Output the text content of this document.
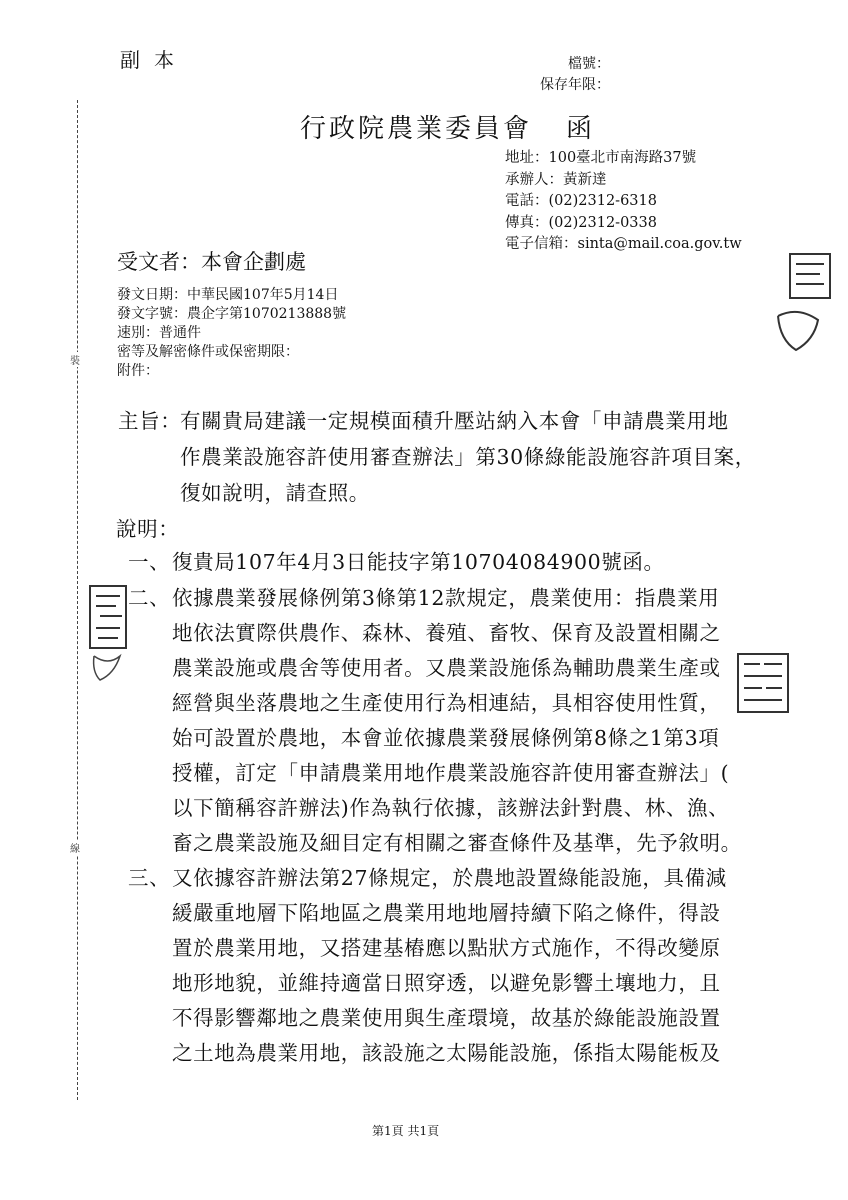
副本	檔號：
保存年限：
行政院農業委員會 函
地址：100臺北市南海路37號
承辦人：黃新達
電話：(02)2312-6318
傳真：(02)2312-0338
電子信箱：sinta@mail.coa.gov.tw
受文者：本會企劃處
發文日期：中華民國107年5月14日
發文字號：農企字第1070213888號
速別：普通件
密等及解密條件或保密期限：
附件：
主旨：
有關貴局建議一定規模面積升壓站納入本會「申請農業用地
作農業設施容許使用審查辦法」第30條綠能設施容許項目案，
復如說明，請查照。
說明：
一、 復貴局107年4月3日能技字第10704084900號函。
二、 依據農業發展條例第3條第12款規定，農業使用：指農業用
地依法實際供農作、森林、養殖、畜牧、保育及設置相關之
農業設施或農舍等使用者。又農業設施係為輔助農業生產或
經營與坐落農地之生產使用行為相連結，具相容使用性質，
始可設置於農地，本會並依據農業發展條例第8條之1第3項
授權，訂定「申請農業用地作農業設施容許使用審查辦法」(
以下簡稱容許辦法)作為執行依據，該辦法針對農、林、漁、
畜之農業設施及細目定有相關之審查條件及基準，先予敘明。
三、 又依據容許辦法第27條規定，於農地設置綠能設施，具備減
緩嚴重地層下陷地區之農業用地地層持續下陷之條件，得設
置於農業用地，又搭建基樁應以點狀方式施作，不得改變原
地形地貌，並維持適當日照穿透，以避免影響土壤地力，且
不得影響鄰地之農業使用與生產環境，故基於綠能設施設置
之土地為農業用地，該設施之太陽能設施，係指太陽能板及
裝
線
第1頁 共1頁
